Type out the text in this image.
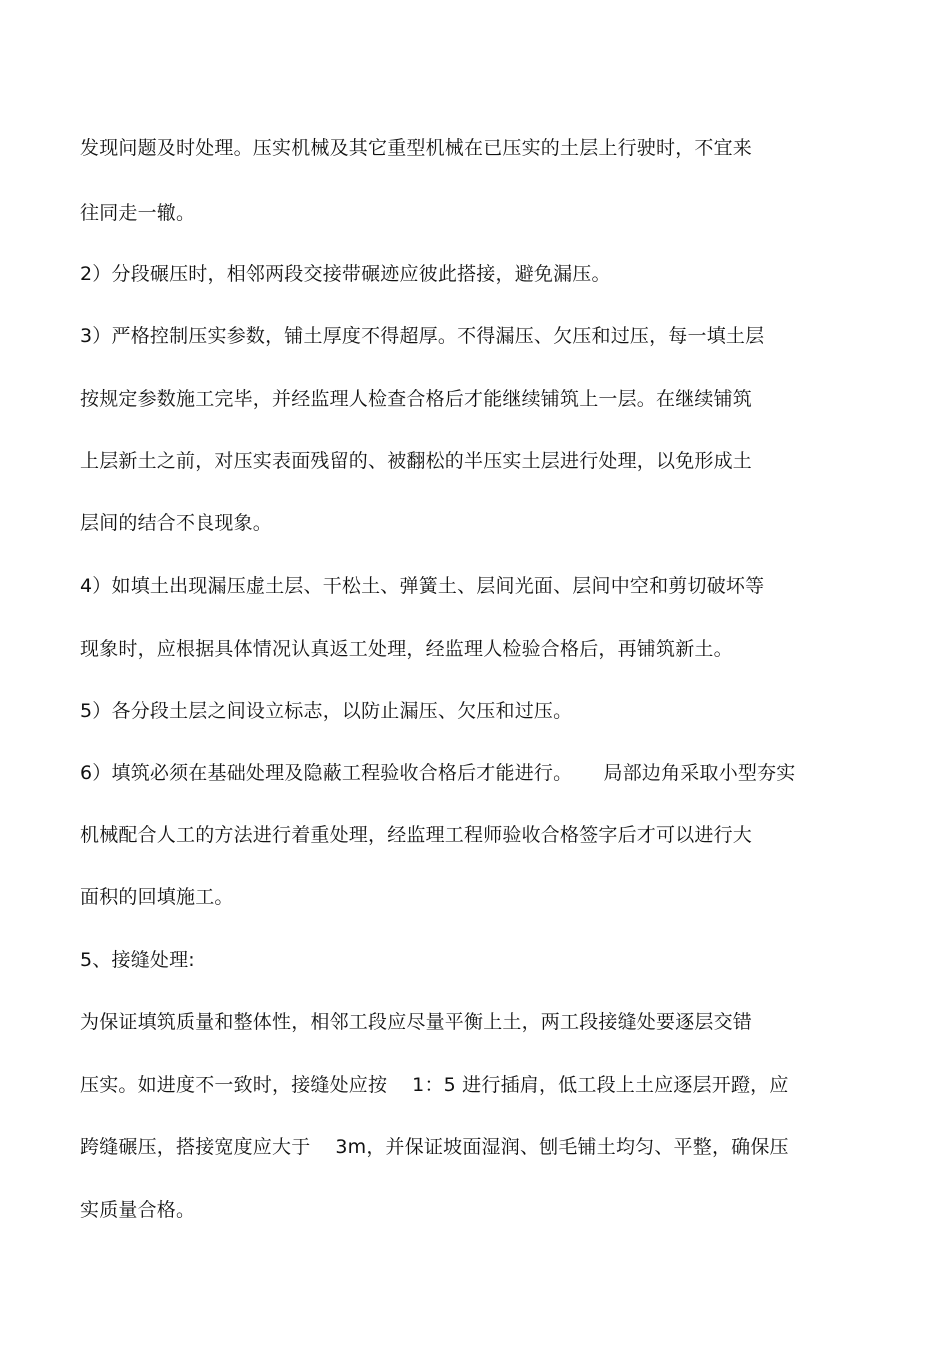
发现问题及时处理。压实机械及其它重型机械在已压实的土层上行驶时，不宜来
往同走一辙。
2）分段碾压时，相邻两段交接带碾迹应彼此搭接，避免漏压。
3）严格控制压实参数，铺土厚度不得超厚。不得漏压、欠压和过压，每一填土层
按规定参数施工完毕，并经监理人检查合格后才能继续铺筑上一层。在继续铺筑
上层新土之前，对压实表面残留的、被翻松的半压实土层进行处理，以免形成土
层间的结合不良现象。
4）如填土出现漏压虚土层、干松土、弹簧土、层间光面、层间中空和剪切破坏等
现象时，应根据具体情况认真返工处理，经监理人检验合格后，再铺筑新土。
5）各分段土层之间设立标志，以防止漏压、欠压和过压。
6）填筑必须在基础处理及隐蔽工程验收合格后才能进行。     局部边角采取小型夯实
机械配合人工的方法进行着重处理，经监理工程师验收合格签字后才可以进行大
面积的回填施工。
5、接缝处理:
为保证填筑质量和整体性，相邻工段应尽量平衡上土，两工段接缝处要逐层交错
压实。如进度不一致时，接缝处应按    1：5 进行插肩，低工段上土应逐层开蹬，应
跨缝碾压，搭接宽度应大于    3m，并保证坡面湿润、刨毛铺土均匀、平整，确保压
实质量合格。
